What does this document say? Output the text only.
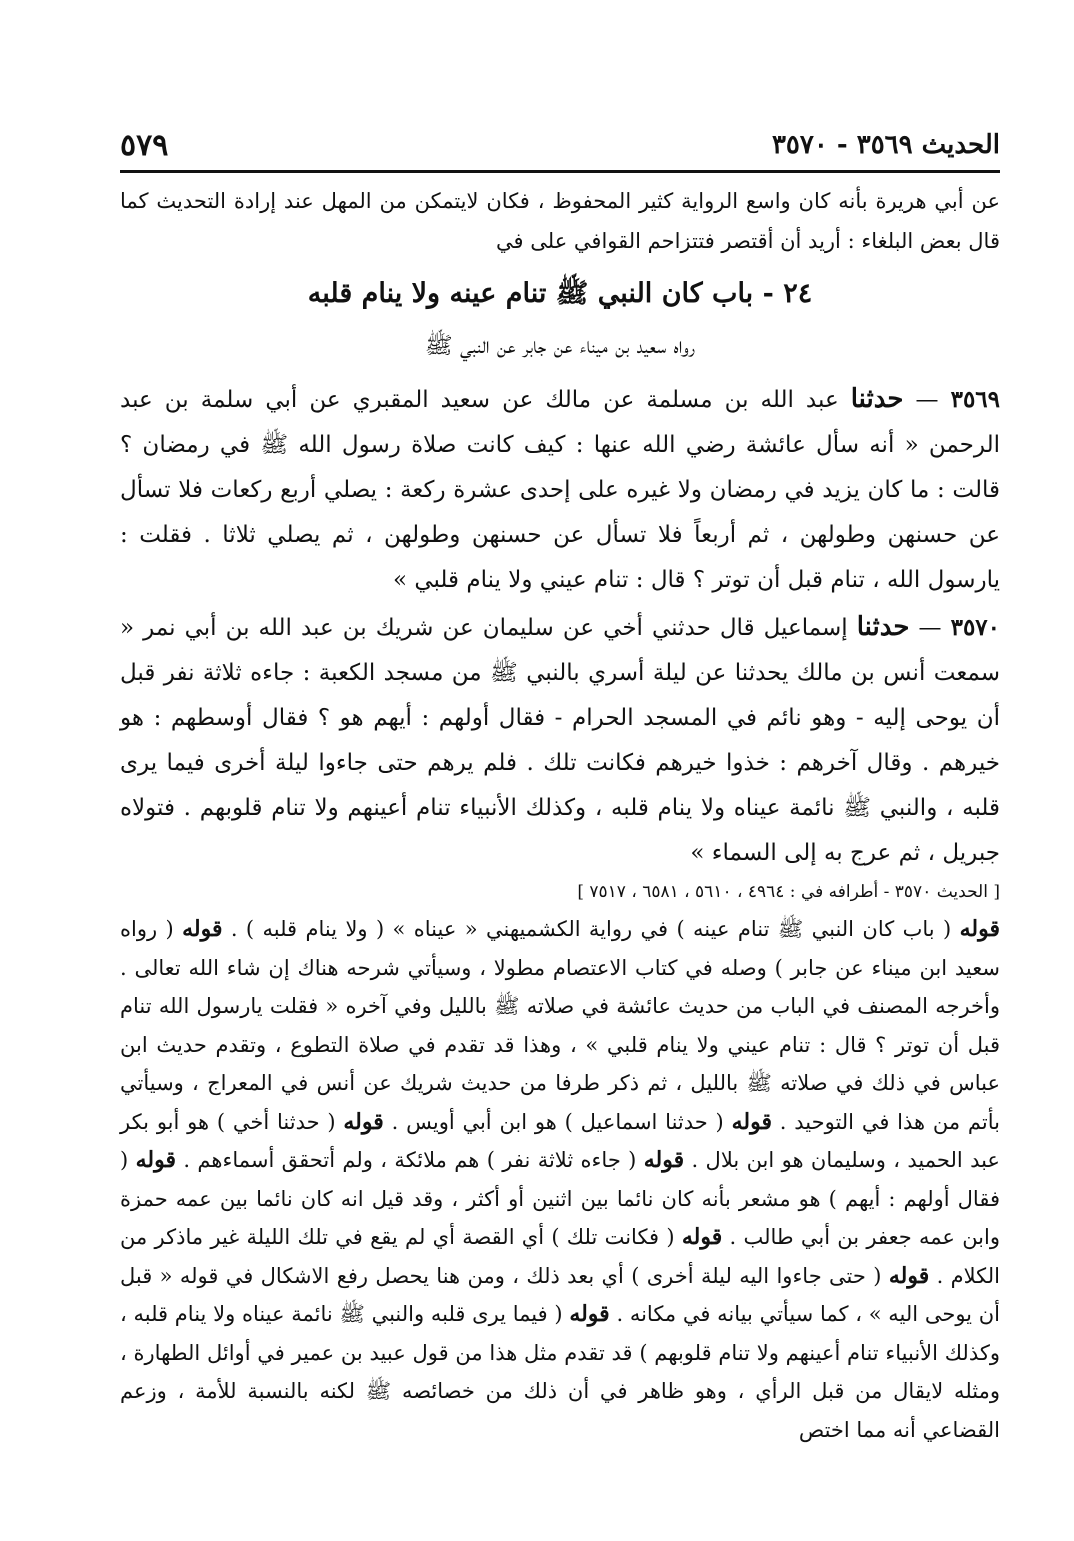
الحديث ٣٥٦٩ - ٣٥٧٠
٥٧٩

عن أبي هريرة بأنه كان واسع الرواية كثير المحفوظ ، فكان لايتمكن من المهل عند إرادة التحديث كما قال بعض البلغاء : أريد أن أقتصر فتتزاحم القوافي على في

٢٤ - باب كان النبي ﷺ تنام عينه ولا ينام قلبه
رواه سعيد بن ميناء عن جابر عن النبي ﷺ

٣٥٦٩ — حدثنا عبد الله بن مسلمة عن مالك عن سعيد المقبري عن أبي سلمة بن عبد الرحمن « أنه سأل عائشة رضي الله عنها : كيف كانت صلاة رسول الله ﷺ في رمضان ؟ قالت : ما كان يزيد في رمضان ولا غيره على إحدى عشرة ركعة : يصلي أربع ركعات فلا تسأل عن حسنهن وطولهن ، ثم أربعاً فلا تسأل عن حسنهن وطولهن ، ثم يصلي ثلاثا . فقلت : يارسول الله ، تنام قبل أن توتر ؟ قال : تنام عيني ولا ينام قلبي »

٣٥٧٠ — حدثنا إسماعيل قال حدثني أخي عن سليمان عن شريك بن عبد الله بن أبي نمر « سمعت أنس بن مالك يحدثنا عن ليلة أسري بالنبي ﷺ من مسجد الكعبة : جاءه ثلاثة نفر قبل أن يوحى إليه - وهو نائم في المسجد الحرام - فقال أولهم : أيهم هو ؟ فقال أوسطهم : هو خيرهم . وقال آخرهم : خذوا خيرهم فكانت تلك . فلم يرهم حتى جاءوا ليلة أخرى فيما يرى قلبه ، والنبي ﷺ نائمة عيناه ولا ينام قلبه ، وكذلك الأنبياء تنام أعينهم ولا تنام قلوبهم . فتولاه جبريل ، ثم عرج به إلى السماء »

[ الحديث ٣٥٧٠ - أطرافه في : ٤٩٦٤ ، ٥٦١٠ ، ٦٥٨١ ، ٧٥١٧ ]

قوله ( باب كان النبي ﷺ تنام عينه ) في رواية الكشميهني « عيناه » ( ولا ينام قلبه ) . قوله ( رواه سعيد ابن ميناء عن جابر ) وصله في كتاب الاعتصام مطولا ، وسيأتي شرحه هناك إن شاء الله تعالى . وأخرجه المصنف في الباب من حديث عائشة في صلاته ﷺ بالليل وفي آخره « فقلت يارسول الله تنام قبل أن توتر ؟ قال : تنام عيني ولا ينام قلبي » ، وهذا قد تقدم في صلاة التطوع ، وتقدم حديث ابن عباس في ذلك في صلاته ﷺ بالليل ، ثم ذكر طرفا من حديث شريك عن أنس في المعراج ، وسيأتي بأتم من هذا في التوحيد . قوله ( حدثنا اسماعيل ) هو ابن أبي أويس . قوله ( حدثنا أخي ) هو أبو بكر عبد الحميد ، وسليمان هو ابن بلال . قوله ( جاءه ثلاثة نفر ) هم ملائكة ، ولم أتحقق أسماءهم . قوله ( فقال أولهم : أيهم ) هو مشعر بأنه كان نائما بين اثنين أو أكثر ، وقد قيل انه كان نائما بين عمه حمزة وابن عمه جعفر بن أبي طالب . قوله ( فكانت تلك ) أي القصة أي لم يقع في تلك الليلة غير ماذكر من الكلام . قوله ( حتى جاءوا اليه ليلة أخرى ) أي بعد ذلك ، ومن هنا يحصل رفع الاشكال في قوله « قبل أن يوحى اليه » ، كما سيأتي بيانه في مكانه . قوله ( فيما يرى قلبه والنبي ﷺ نائمة عيناه ولا ينام قلبه ، وكذلك الأنبياء تنام أعينهم ولا تنام قلوبهم ) قد تقدم مثل هذا من قول عبيد بن عمير في أوائل الطهارة ، ومثله لايقال من قبل الرأي ، وهو ظاهر في أن ذلك من خصائصه ﷺ لكنه بالنسبة للأمة ، وزعم القضاعي أنه مما اختص
